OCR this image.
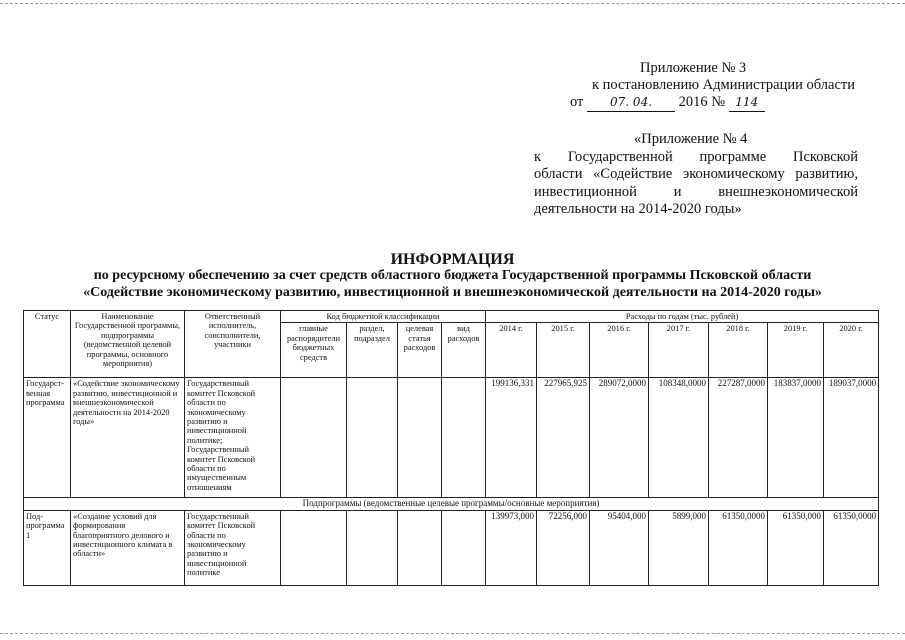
Приложение № 3
к постановлению Администрации области
от 07. 04. 2016 № 114
«Приложение № 4
к Государственной программе Псковской
области «Содействие экономическому развитию,
инвестиционной и внешнеэкономической
деятельности на 2014-2020 годы»
ИНФОРМАЦИЯ
по ресурсному обеспечению за счет средств областного бюджета Государственной программы Псковской области
«Содействие экономическому развитию, инвестиционной и внешнеэкономической деятельности на 2014-2020 годы»
Статус	Наименование Государственной программы, подпрограммы (ведомственной целевой программы, основного мероприятия)	Ответственный исполнитель, соисполнители, участники	Код бюджетной классификации				Расходы по годам (тыс. рублей)						
			главные распорядители бюджетных средств	раздел, подраздел	целевая статья расходов	вид расходов	2014 г.	2015 г.	2016 г.	2017 г.	2018 г.	2019 г.	2020 г.
Государст-венная программа	«Содействие экономическому развитию, инвестиционной и внешнеэкономической деятельности на 2014-2020 годы»	Государственный комитет Псковской области по экономическому развитию и инвестиционной политике; Государственный комитет Псковской области по имущественным отношениям					199136,331	227965,925	289072,0000	108348,0000	227287,0000	183837,0000	189037,0000
Подпрограммы (ведомственные целевые программы/основные мероприятия)													
Под-программа 1	«Создание условий для формирования благоприятного делового и инвестиционного климата в области»	Государственный комитет Псковской области по экономическому развитию и инвестиционной политике					139973,000	72256,000	95404,000	5899,000	61350,0000	61350,000	61350,0000
